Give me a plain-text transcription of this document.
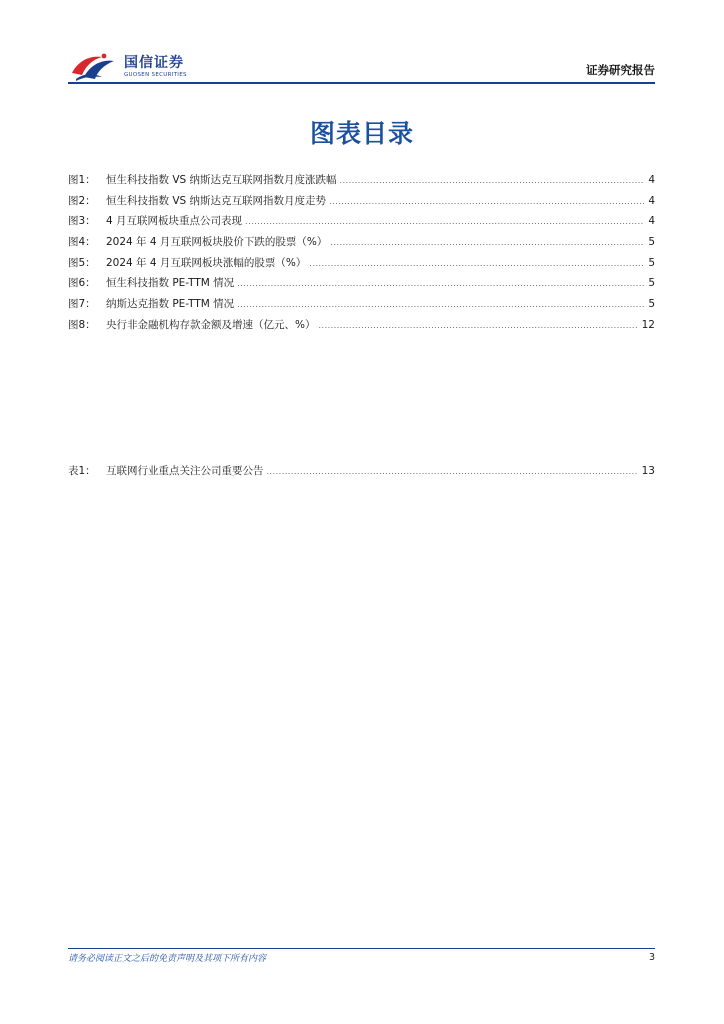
国信证券
GUOSEN SECURITIES	证券研究报告
图表目录
图1： 恒生科技指数 VS 纳斯达克互联网指数月度涨跌幅 .....	4
图2： 恒生科技指数 VS 纳斯达克互联网指数月度走势 .....	4
图3： 4 月互联网板块重点公司表现 .....	4
图4： 2024 年 4 月互联网板块股价下跌的股票（%） .....	5
图5： 2024 年 4 月互联网板块涨幅的股票（%） .....	5
图6： 恒生科技指数 PE-TTM 情况 .....	5
图7： 纳斯达克指数 PE-TTM 情况 .....	5
图8： 央行非金融机构存款金额及增速（亿元、%） .....	12
表1： 互联网行业重点关注公司重要公告 .....	13
请务必阅读正文之后的免责声明及其项下所有内容	3
